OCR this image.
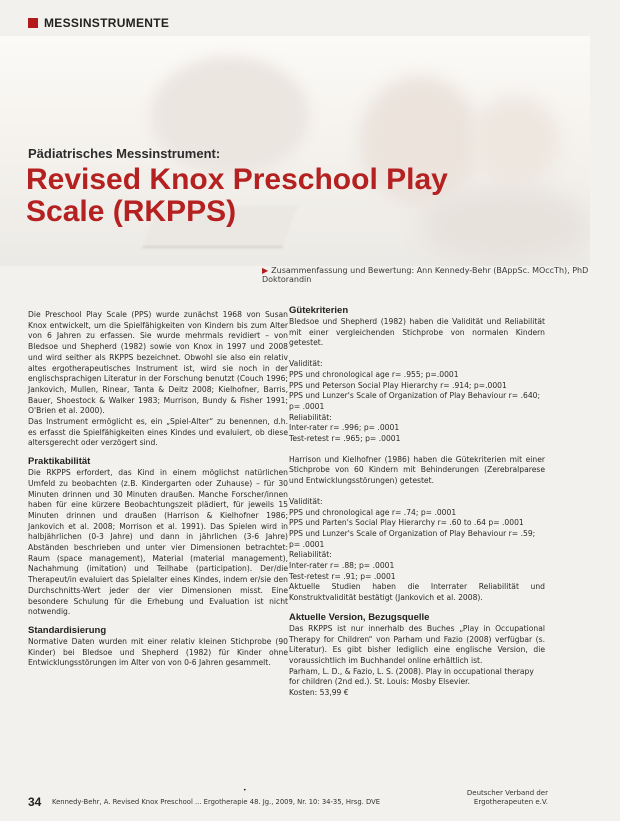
MESSINSTRUMENTE
Pädiatrisches Messinstrument:
Revised Knox Preschool Play Scale (RKPPS)
▶ Zusammenfassung und Bewertung: Ann Kennedy-Behr (BAppSc. MOccTh), PhD Doktorandin

Die Preschool Play Scale (PPS) wurde zunächst 1968 von Susan Knox entwickelt, um die Spielfähigkeiten von Kindern bis zum Alter von 6 Jahren zu erfassen. Sie wurde mehrmals revidiert – von Bledsoe und Shepherd (1982) sowie von Knox in 1997 und 2008 und wird seither als RKPPS bezeichnet. Obwohl sie also ein relativ altes ergotherapeutisches Instrument ist, wird sie noch in der englischsprachigen Literatur in der Forschung benutzt (Couch 1996; Jankovich, Mullen, Rinear, Tanta & Deitz 2008; Kielhofner, Barris, Bauer, Shoestock & Walker 1983; Murrison, Bundy & Fisher 1991; O'Brien et al. 2000).

Das Instrument ermöglicht es, ein „Spiel-Alter“ zu benennen, d.h. es erfasst die Spielfähigkeiten eines Kindes und evaluiert, ob diese altersgerecht oder verzögert sind.

Praktikabilität

Die RKPPS erfordert, das Kind in einem möglichst natürlichen Umfeld zu beobachten (z.B. Kindergarten oder Zuhause) – für 30 Minuten drinnen und 30 Minuten draußen. Manche Forscher/innen haben für eine kürzere Beobachtungszeit plädiert, für jeweils 15 Minuten drinnen und draußen (Harrison & Kielhofner 1986; Jankovich et al. 2008; Morrison et al. 1991). Das Spielen wird in halbjährlichen (0-3 Jahre) und dann in jährlichen (3-6 Jahre) Abständen beschrieben und unter vier Dimensionen betrachtet: Raum (space management), Material (material management), Nachahmung (imitation) und Teilhabe (participation). Der/die Therapeut/in evaluiert das Spielalter eines Kindes, indem er/sie den Durchschnitts-Wert jeder der vier Dimensionen misst. Eine besondere Schulung für die Erhebung und Evaluation ist nicht notwendig.

Standardisierung

Normative Daten wurden mit einer relativ kleinen Stichprobe (90 Kinder) bei Bledsoe und Shepherd (1982) für Kinder ohne Entwicklungsstörungen im Alter von von 0-6 Jahren gesammelt.

Gütekriterien

Bledsoe und Shepherd (1982) haben die Validität und Reliabilität mit einer vergleichenden Stichprobe von normalen Kindern getestet.

Validität:

PPS und chronological age r= .955; p=.0001

PPS und Peterson Social Play Hierarchy r= .914; p=.0001

PPS und Lunzer's Scale of Organization of Play Behaviour r= .640; p= .0001

Reliabilität:

Inter-rater r= .996; p= .0001

Test-retest r= .965; p= .0001

Harrison und Kielhofner (1986) haben die Gütekriterien mit einer Stichprobe von 60 Kindern mit Behinderungen (Zerebralparese und Entwicklungsstörungen) getestet.

Validität:

PPS und chronological age r= .74; p= .0001

PPS und Parten's Social Play Hierarchy r= .60 to .64 p= .0001

PPS und Lunzer's Scale of Organization of Play Behaviour r= .59; p= .0001

Reliabilität:

Inter-rater r= .88; p= .0001

Test-retest r= .91; p= .0001

Aktuelle Studien haben die Interrater Reliabilität und Konstruktvalidität bestätigt (Jankovich et al. 2008).

Aktuelle Version, Bezugsquelle

Das RKPPS ist nur innerhalb des Buches „Play in Occupational Therapy for Children“ von Parham und Fazio (2008) verfügbar (s. Literatur). Es gibt bisher lediglich eine englische Version, die voraussichtlich im Buchhandel online erhältlich ist.

Parham, L. D., & Fazio, L. S. (2008). Play in occupational therapy for children (2nd ed.). St. Louis: Mosby Elsevier.

Kosten: 53,99 €

34 Kennedy-Behr, A. Revised Knox Preschool ... Ergotherapie 48. Jg., 2009, Nr. 10: 34-35, Hrsg. DVE
•	Deutscher Verband der
Ergotherapeuten e.V.
